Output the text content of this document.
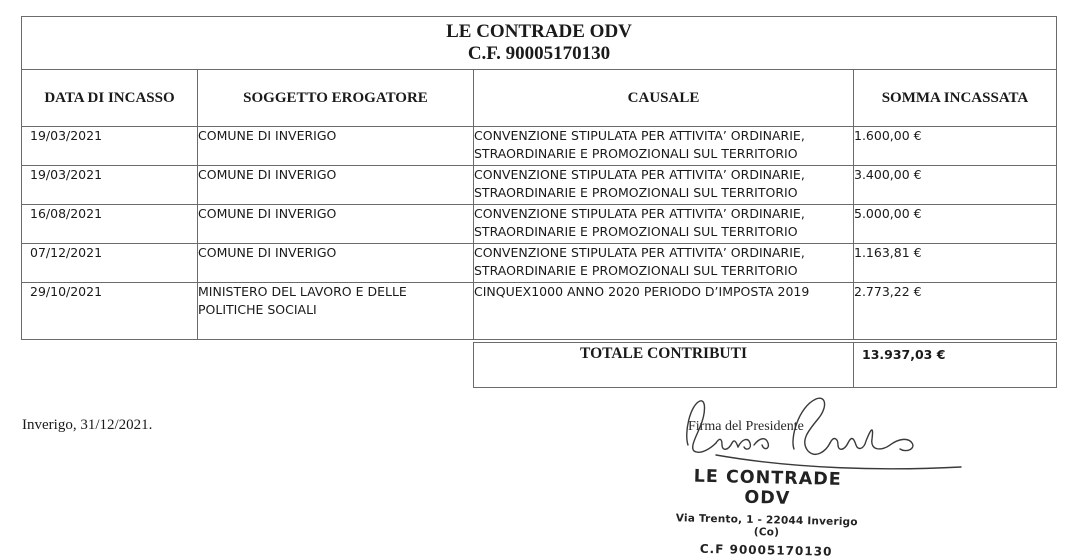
LE CONTRADE ODV
C.F. 90005170130			

DATA DI INCASSO	SOGGETTO EROGATORE	CAUSALE	SOMMA INCASSATA
19/03/2021	COMUNE DI INVERIGO	CONVENZIONE STIPULATA PER ATTIVITA’ ORDINARIE, STRAORDINARIE E PROMOZIONALI SUL TERRITORIO	1.600,00 €
19/03/2021	COMUNE DI INVERIGO	CONVENZIONE STIPULATA PER ATTIVITA’ ORDINARIE, STRAORDINARIE E PROMOZIONALI SUL TERRITORIO	3.400,00 €
16/08/2021	COMUNE DI INVERIGO	CONVENZIONE STIPULATA PER ATTIVITA’ ORDINARIE, STRAORDINARIE E PROMOZIONALI SUL TERRITORIO	5.000,00 €
07/12/2021	COMUNE DI INVERIGO	CONVENZIONE STIPULATA PER ATTIVITA’ ORDINARIE, STRAORDINARIE E PROMOZIONALI SUL TERRITORIO	1.163,81 €
29/10/2021	MINISTERO DEL LAVORO E DELLE POLITICHE SOCIALI	CINQUEX1000 ANNO 2020 PERIODO D’IMPOSTA 2019	2.773,22 €
TOTALE CONTRIBUTI	13.937,03 €
Inverigo, 31/12/2021.	Firma del Presidente
LE CONTRADE ODV
Via Trento, 1 - 22044 Inverigo (Co)
C.F 90005170130
